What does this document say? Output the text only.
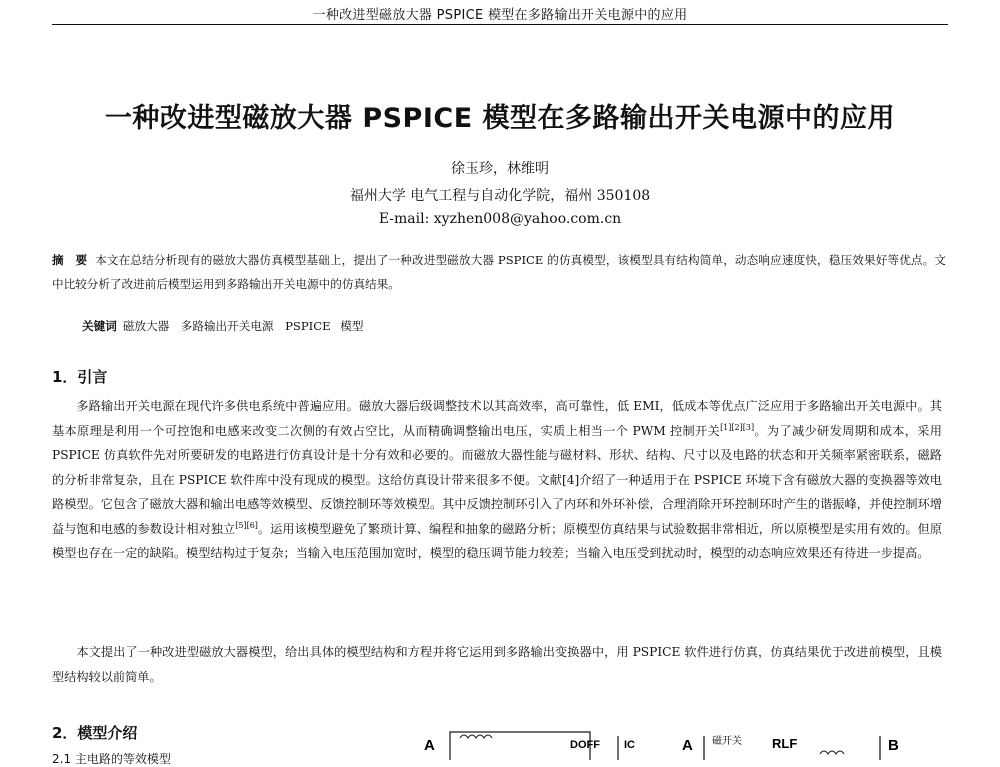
一种改进型磁放大器 PSPICE 模型在多路输出开关电源中的应用
一种改进型磁放大器 PSPICE 模型在多路输出开关电源中的应用
徐玉珍，林维明
福州大学 电气工程与自动化学院，福州 350108
E-mail: xyzhen008@yahoo.com.cn
摘　要 本文在总结分析现有的磁放大器仿真模型基础上，提出了一种改进型磁放大器 PSPICE 的仿真模型，该模型具有结构简单，动态响应速度快，稳压效果好等优点。文中比较分析了改进前后模型运用到多路输出开关电源中的仿真结果。
关键词 磁放大器　多路输出开关电源　PSPICE 模型
1．引言
多路输出开关电源在现代许多供电系统中普遍应用。磁放大器后级调整技术以其高效率，高可靠性，低 EMI，低成本等优点广泛应用于多路输出开关电源中。其基本原理是利用一个可控饱和电感来改变二次侧的有效占空比，从而精确调整输出电压，实质上相当一个 PWM 控制开关[1][2][3]。为了减少研发周期和成本，采用 PSPICE 仿真软件先对所要研发的电路进行仿真设计是十分有效和必要的。而磁放大器性能与磁材料、形状、结构、尺寸以及电路的状态和开关频率紧密联系，磁路的分析非常复杂，且在 PSPICE 软件库中没有现成的模型。这给仿真设计带来很多不便。文献[4]介绍了一种适用于在 PSPICE 环境下含有磁放大器的变换器等效电路模型。它包含了磁放大器和输出电感等效模型、反馈控制环等效模型。其中反馈控制环引入了内环和外环补偿，合理消除开环控制环时产生的谐振峰，并使控制环增益与饱和电感的参数设计相对独立[5][6]。运用该模型避免了繁琐计算、编程和抽象的磁路分析；原模型仿真结果与试验数据非常相近，所以原模型是实用有效的。但原模型也存在一定的缺陷。模型结构过于复杂；当输入电压范围加宽时，模型的稳压调节能力较差；当输入电压受到扰动时，模型的动态响应效果还有待进一步提高。
本文提出了一种改进型磁放大器模型，给出具体的模型结构和方程并将它运用到多路输出变换器中，用 PSPICE 软件进行仿真，仿真结果优于改进前模型，且模型结构较以前简单。
2．模型介绍
2.1 主电路的等效模型
A	DOFF IC	A 磁开关 RLF	B
